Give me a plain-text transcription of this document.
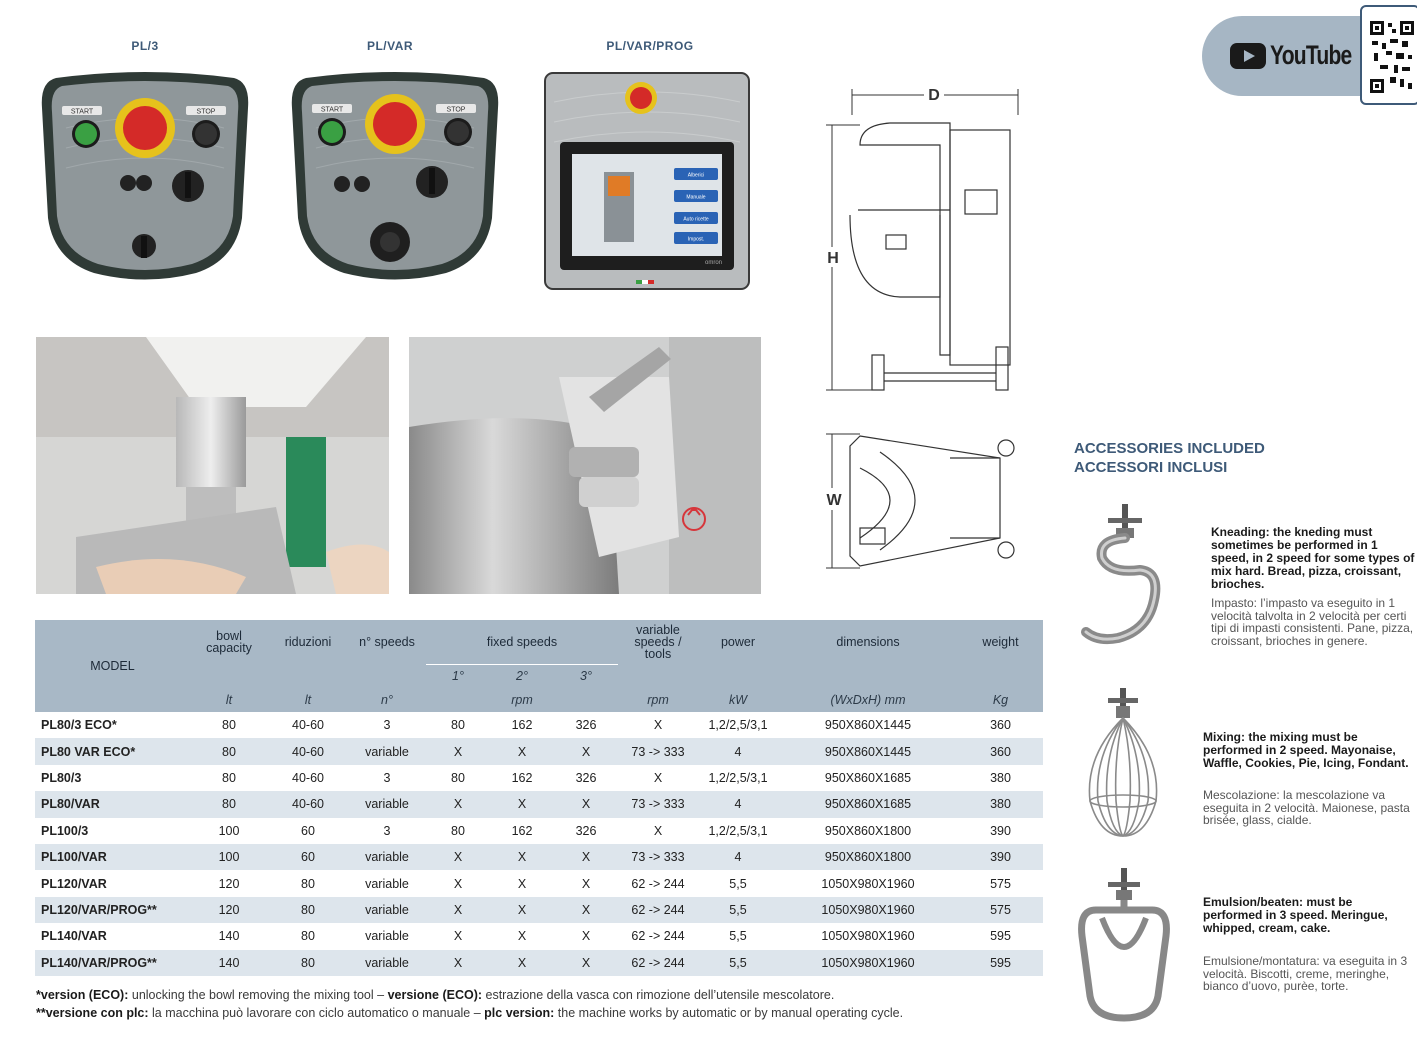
PL/3	PL/VAR	PL/VAR/PROG
START	STOP	START	STOP
omron
Alberici
Manuale
Auto ricette
Impost.
D
H
W
YouTube
MODEL	bowl capacity	riduzioni	n° speeds	fixed speeds			variable speeds / tools	power	dimensions	weight
				1°	2°	3°				
	lt	lt	n°	rpm			rpm	kW	(WxDxH) mm	Kg
PL80/3 ECO*	80	40-60	3	80	162	326	X	1,2/2,5/3,1	950X860X1445	360
PL80 VAR ECO*	80	40-60	variable	X	X	X	73 -> 333	4	950X860X1445	360
PL80/3	80	40-60	3	80	162	326	X	1,2/2,5/3,1	950X860X1685	380
PL80/VAR	80	40-60	variable	X	X	X	73 -> 333	4	950X860X1685	380
PL100/3	100	60	3	80	162	326	X	1,2/2,5/3,1	950X860X1800	390
PL100/VAR	100	60	variable	X	X	X	73 -> 333	4	950X860X1800	390
PL120/VAR	120	80	variable	X	X	X	62 -> 244	5,5	1050X980X1960	575
PL120/VAR/PROG**	120	80	variable	X	X	X	62 -> 244	5,5	1050X980X1960	575
PL140/VAR	140	80	variable	X	X	X	62 -> 244	5,5	1050X980X1960	595
PL140/VAR/PROG**	140	80	variable	X	X	X	62 -> 244	5,5	1050X980X1960	595
*version (ECO): unlocking the bowl removing the mixing tool – versione (ECO): estrazione della vasca con rimozione dell’utensile mescolatore.
**versione con plc: la macchina può lavorare con ciclo automatico o manuale – plc version: the machine works by automatic or by manual operating cycle.
ACCESSORIES INCLUDED
ACCESSORI INCLUSI
Kneading: the kneding must sometimes be performed in 1 speed, in 2 speed for some types of mix hard. Bread, pizza, croissant, brioches.
Impasto: l’impasto va eseguito in 1 velocità talvolta in 2 velocità per certi tipi di impasti consistenti. Pane, pizza, croissant, brioches in genere.
Mixing: the mixing must be performed in 2 speed. Mayonaise, Waffle, Cookies, Pie, Icing, Fondant.
Mescolazione: la mescolazione va eseguita in 2 velocità. Maionese, pasta brisée, glass, cialde.
Emulsion/beaten: must be performed in 3 speed. Meringue, whipped, cream, cake.
Emulsione/montatura: va eseguita in 3 velocità. Biscotti, creme, meringhe, bianco d’uovo, purèe, torte.
